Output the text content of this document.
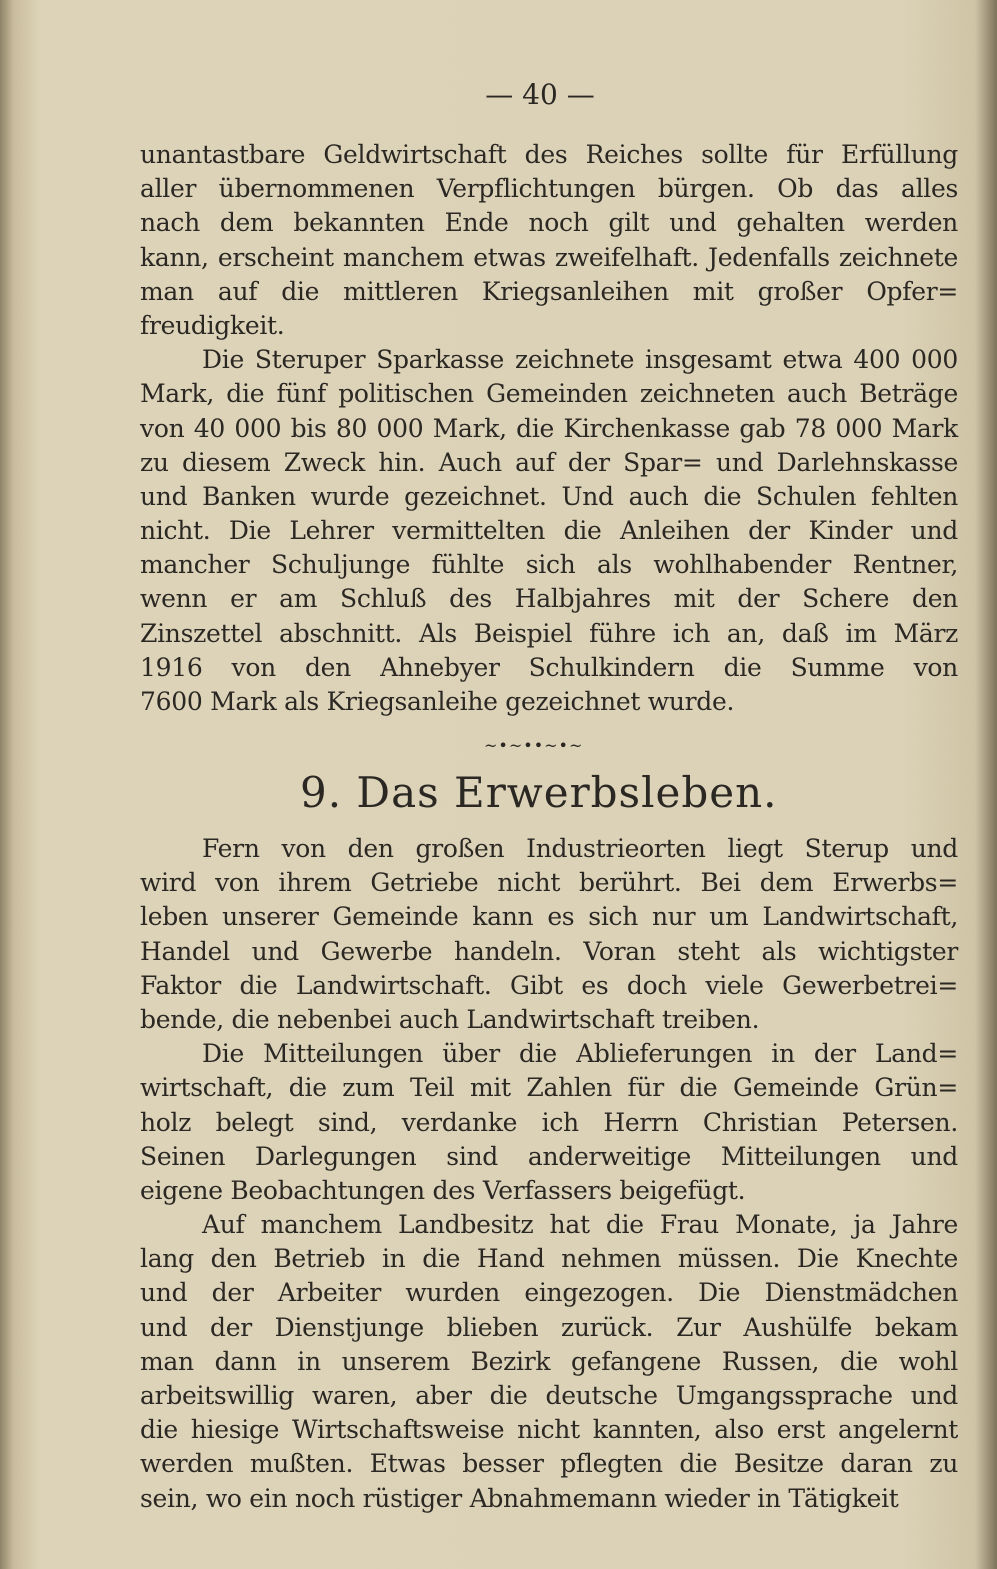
— 40 —
unantastbare Geldwirtschaft des Reiches sollte für Erfüllung
aller übernommenen Verpflichtungen bürgen. Ob das alles
nach dem bekannten Ende noch gilt und gehalten werden
kann, erscheint manchem etwas zweifelhaft. Jedenfalls zeichnete
man auf die mittleren Kriegsanleihen mit großer Opfer=
freudigkeit.
Die Steruper Sparkasse zeichnete insgesamt etwa 400 000
Mark, die fünf politischen Gemeinden zeichneten auch Beträge
von 40 000 bis 80 000 Mark, die Kirchenkasse gab 78 000 Mark
zu diesem Zweck hin. Auch auf der Spar= und Darlehnskasse
und Banken wurde gezeichnet. Und auch die Schulen fehlten
nicht. Die Lehrer vermittelten die Anleihen der Kinder und
mancher Schuljunge fühlte sich als wohlhabender Rentner,
wenn er am Schluß des Halbjahres mit der Schere den
Zinszettel abschnitt. Als Beispiel führe ich an, daß im März
1916 von den Ahnebyer Schulkindern die Summe von
7600 Mark als Kriegsanleihe gezeichnet wurde.
~•~••~•~
9. Das Erwerbsleben.
Fern von den großen Industrieorten liegt Sterup und
wird von ihrem Getriebe nicht berührt. Bei dem Erwerbs=
leben unserer Gemeinde kann es sich nur um Landwirtschaft,
Handel und Gewerbe handeln. Voran steht als wichtigster
Faktor die Landwirtschaft. Gibt es doch viele Gewerbetrei=
bende, die nebenbei auch Landwirtschaft treiben.
Die Mitteilungen über die Ablieferungen in der Land=
wirtschaft, die zum Teil mit Zahlen für die Gemeinde Grün=
holz belegt sind, verdanke ich Herrn Christian Petersen.
Seinen Darlegungen sind anderweitige Mitteilungen und
eigene Beobachtungen des Verfassers beigefügt.
Auf manchem Landbesitz hat die Frau Monate, ja Jahre
lang den Betrieb in die Hand nehmen müssen. Die Knechte
und der Arbeiter wurden eingezogen. Die Dienstmädchen
und der Dienstjunge blieben zurück. Zur Aushülfe bekam
man dann in unserem Bezirk gefangene Russen, die wohl
arbeitswillig waren, aber die deutsche Umgangssprache und
die hiesige Wirtschaftsweise nicht kannten, also erst angelernt
werden mußten. Etwas besser pflegten die Besitze daran zu
sein, wo ein noch rüstiger Abnahmemann wieder in Tätigkeit
